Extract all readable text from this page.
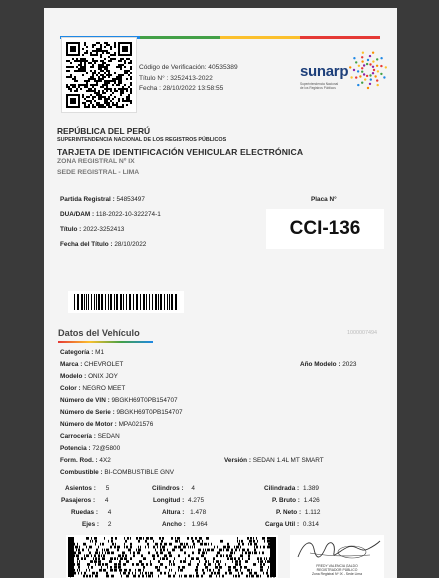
Código de Verificación: 40535389
Título N° : 3252413-2022
Fecha : 28/10/2022 13:58:55
sunarp
Superintendencia Nacional
de los Registros Públicos
REPÚBLICA DEL PERÚ
SUPERINTENDENCIA NACIONAL DE LOS REGISTROS PÚBLICOS
TARJETA DE IDENTIFICACIÓN VEHICULAR ELECTRÓNICA
ZONA REGISTRAL Nº IX
SEDE REGISTRAL - LIMA
Partida Registral : 54853497
DUA/DAM : 118-2022-10-322274-1
Título : 2022-3252413
Fecha del Título : 28/10/2022
Placa N°
CCI-136
Datos del Vehículo	1000007494
Categoría : M1
Marca : CHEVROLET	Año Modelo : 2023
Modelo : ONIX JOY
Color : NEGRO MEET
Número de VIN : 9BGKH69T0PB154707
Número de Serie : 9BGKH69T0PB154707
Número de Motor : MPA021576
Carrocería : SEDAN
Potencia : 72@5800
Form. Rod. : 4X2	Versión : SEDAN 1.4L MT SMART
Combustible : BI-COMBUSTIBLE GNV
Asientos : 5	Cilindros : 4	Cilindrada : 1.389
Pasajeros : 4	Longitud : 4.275	P. Bruto : 1.426
Ruedas : 4	Altura : 1.478	P. Neto : 1.112
Ejes : 2	Ancho : 1.964	Carga Util : 0.314
FREDY VALENCIA GALDO
REGISTRADOR PÚBLICO
Zona Registral Nº IX - Sede Lima
